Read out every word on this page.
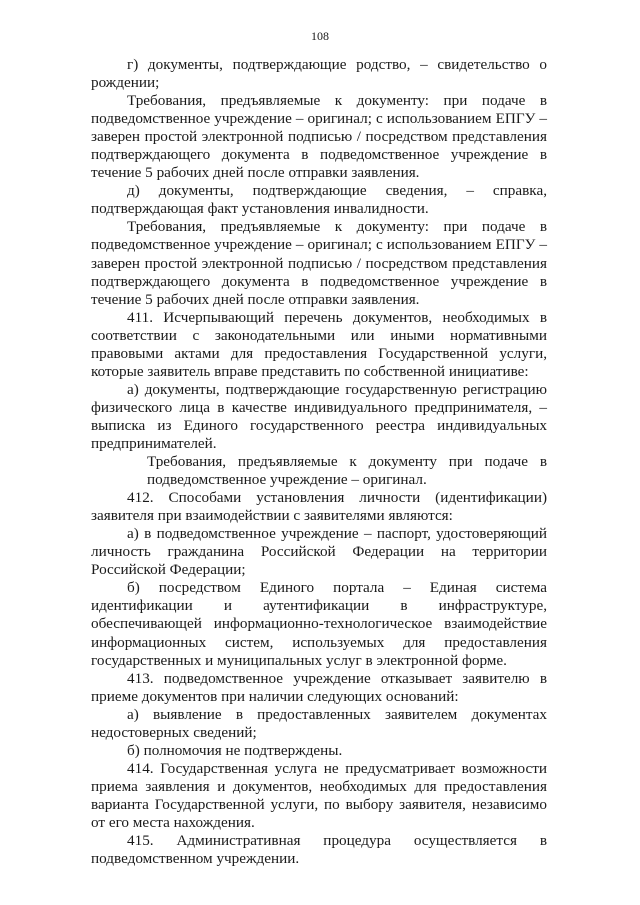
108

г) документы, подтверждающие родство, – свидетельство о рождении;

Требования, предъявляемые к документу: при подаче в подведомственное учреждение – оригинал; с использованием ЕПГУ – заверен простой электронной подписью / посредством представления подтверждающего документа в подведомственное учреждение в течение 5 рабочих дней после отправки заявления.

д) документы, подтверждающие сведения, – справка, подтверждающая факт установления инвалидности.

Требования, предъявляемые к документу: при подаче в подведомственное учреждение – оригинал; с использованием ЕПГУ – заверен простой электронной подписью / посредством представления подтверждающего документа в подведомственное учреждение в течение 5 рабочих дней после отправки заявления.

411. Исчерпывающий перечень документов, необходимых в соответствии с законодательными или иными нормативными правовыми актами для предоставления Государственной услуги, которые заявитель вправе представить по собственной инициативе:

а) документы, подтверждающие государственную регистрацию физического лица в качестве индивидуального предпринимателя, – выписка из Единого государственного реестра индивидуальных предпринимателей.

Требования, предъявляемые к документу при подаче в подведомственное учреждение – оригинал.

412. Способами установления личности (идентификации) заявителя при взаимодействии с заявителями являются:

а) в подведомственное учреждение – паспорт, удостоверяющий личность гражданина Российской Федерации на территории Российской Федерации;

б) посредством Единого портала – Единая система идентификации и аутентификации в инфраструктуре, обеспечивающей информационно-технологическое взаимодействие информационных систем, используемых для предоставления государственных и муниципальных услуг в электронной форме.

413. подведомственное учреждение отказывает заявителю в приеме документов при наличии следующих оснований:

а) выявление в предоставленных заявителем документах недостоверных сведений;

б) полномочия не подтверждены.

414. Государственная услуга не предусматривает возможности приема заявления и документов, необходимых для предоставления варианта Государственной услуги, по выбору заявителя, независимо от его места нахождения.

415. Административная процедура осуществляется в подведомственном учреждении.
